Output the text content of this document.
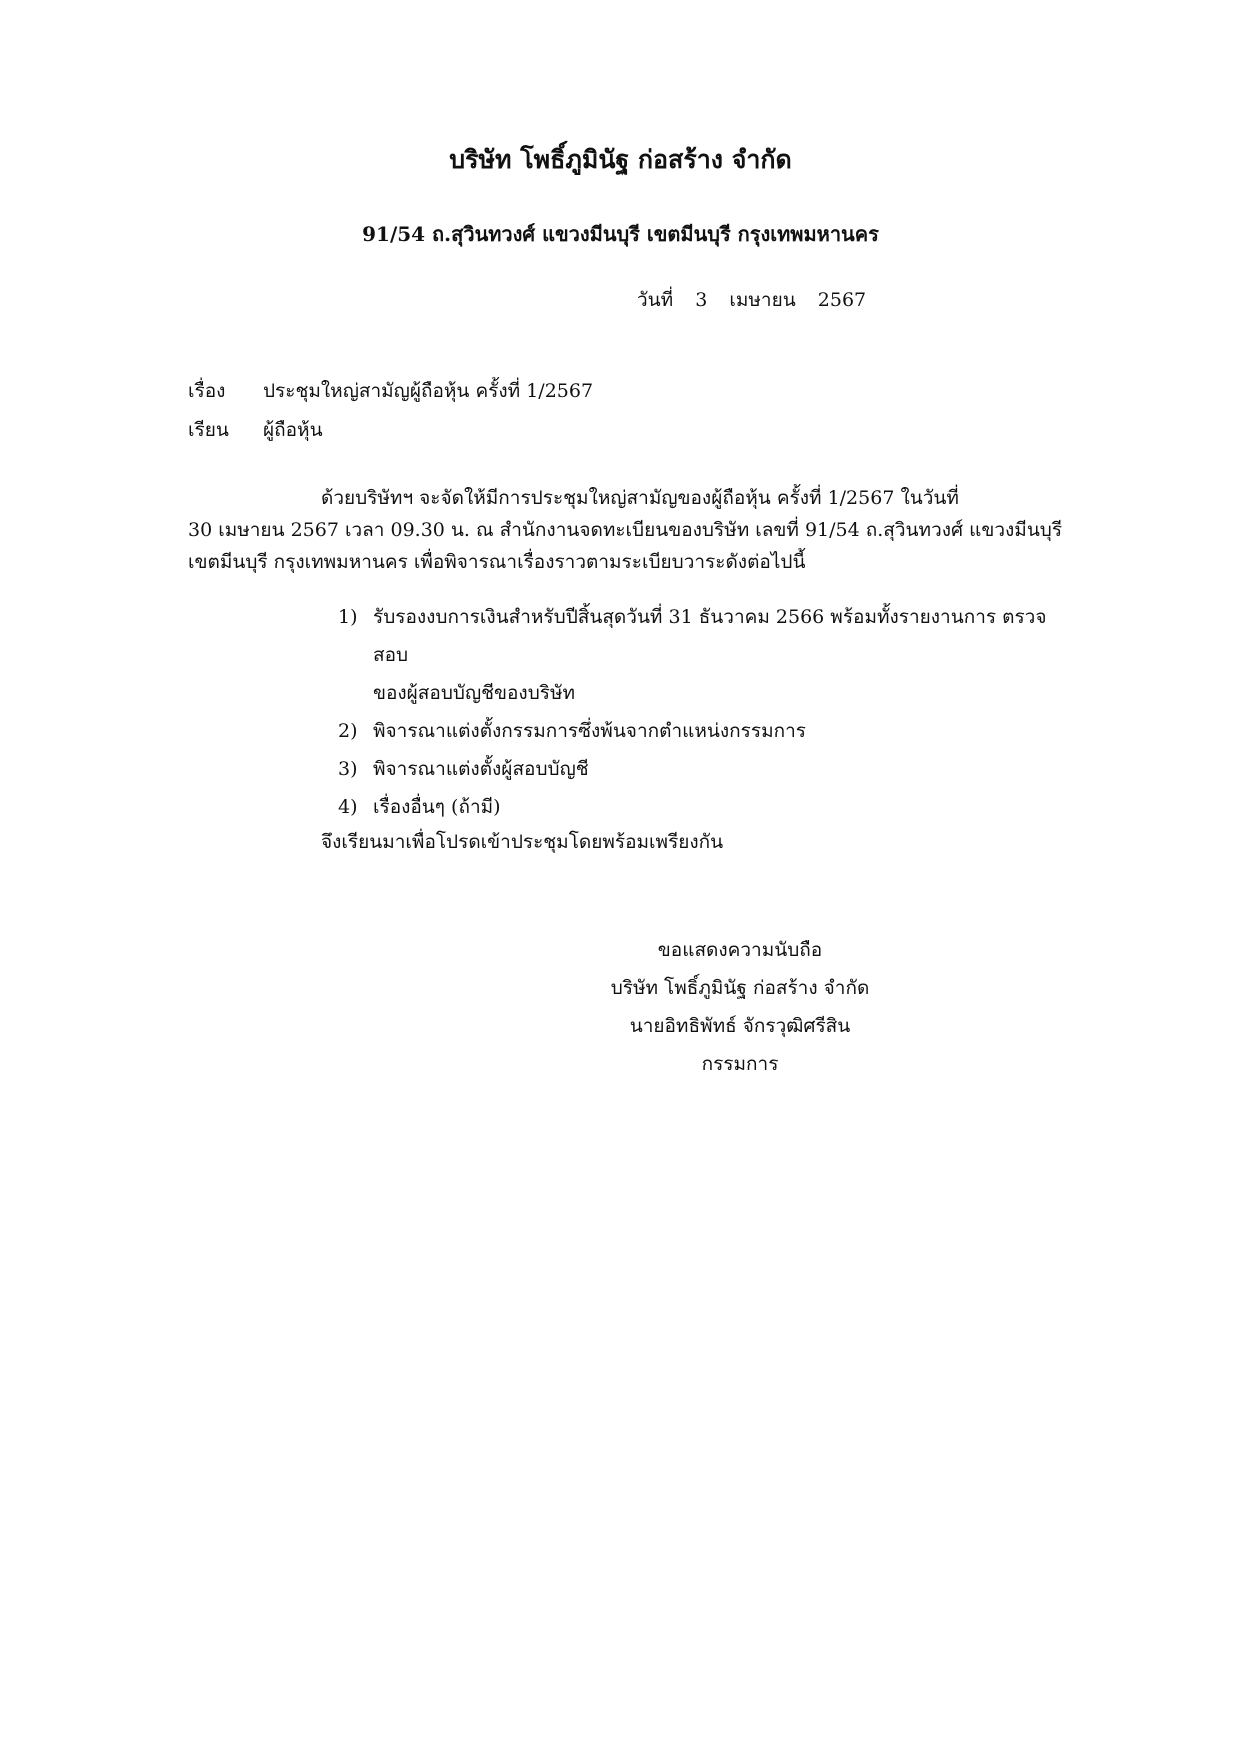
บริษัท โพธิ์ภูมินัฐ ก่อสร้าง จำกัด
91/54 ถ.สุวินทวงศ์ แขวงมีนบุรี เขตมีนบุรี กรุงเทพมหานคร
วันที่ 3 เมษายน 2567
เรื่อง ประชุมใหญ่สามัญผู้ถือหุ้น ครั้งที่ 1/2567
เรียน ผู้ถือหุ้น
ด้วยบริษัทฯ จะจัดให้มีการประชุมใหญ่สามัญของผู้ถือหุ้น ครั้งที่ 1/2567 ในวันที่
30 เมษายน 2567 เวลา 09.30 น. ณ สำนักงานจดทะเบียนของบริษัท เลขที่ 91/54 ถ.สุวินทวงศ์ แขวงมีนบุรี
เขตมีนบุรี กรุงเทพมหานคร เพื่อพิจารณาเรื่องราวตามระเบียบวาระดังต่อไปนี้
1) รับรองงบการเงินสำหรับปีสิ้นสุดวันที่ 31 ธันวาคม 2566 พร้อมทั้งรายงานการ ตรวจสอบ
ของผู้สอบบัญชีของบริษัท
2) พิจารณาแต่งตั้งกรรมการซึ่งพ้นจากตำแหน่งกรรมการ
3) พิจารณาแต่งตั้งผู้สอบบัญชี
4) เรื่องอื่นๆ (ถ้ามี)
จึงเรียนมาเพื่อโปรดเข้าประชุมโดยพร้อมเพรียงกัน
ขอแสดงความนับถือ
บริษัท โพธิ์ภูมินัฐ ก่อสร้าง จำกัด
นายอิทธิพัทธ์ จักรวุฒิศรีสิน
กรรมการ
